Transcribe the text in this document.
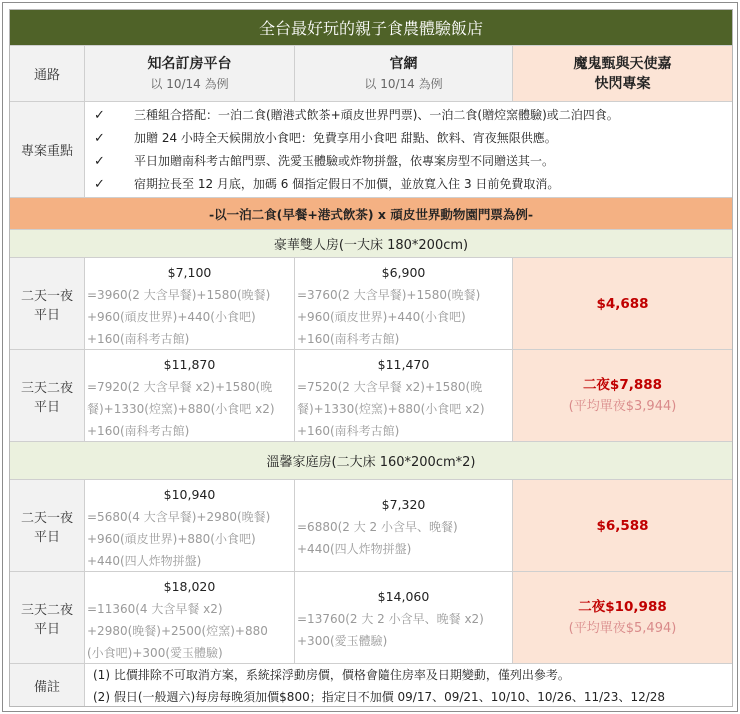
全台最好玩的親子食農體驗飯店
通路
知名訂房平台
以 10/14 為例
官網
以 10/14 為例
魔鬼甄與天使嘉
快閃專案
專案重點
✓ 三種組合搭配：一泊二食(贈港式飲茶+頑皮世界門票)、一泊二食(贈焢窯體驗)或二泊四食。
✓ 加贈 24 小時全天候開放小食吧：免費享用小食吧 甜點、飲料、宵夜無限供應。
✓ 平日加贈南科考古館門票、洗愛玉體驗或炸物拼盤，依專案房型不同贈送其一。
✓ 宿期拉長至 12 月底，加碼 6 個指定假日不加價，並放寬入住 3 日前免費取消。
-以一泊二食(早餐+港式飲茶) x 頑皮世界動物園門票為例-
豪華雙人房(一大床 180*200cm)
二天一夜
平日
$7,100
=3960(2 大含早餐)+1580(晚餐)
+960(頑皮世界)+440(小食吧)
+160(南科考古館)
$6,900
=3760(2 大含早餐)+1580(晚餐)
+960(頑皮世界)+440(小食吧)
+160(南科考古館)
$4,688
三天二夜
平日
$11,870
=7920(2 大含早餐 x2)+1580(晚
餐)+1330(焢窯)+880(小食吧 x2)
+160(南科考古館)
$11,470
=7520(2 大含早餐 x2)+1580(晚
餐)+1330(焢窯)+880(小食吧 x2)
+160(南科考古館)
二夜$7,888
(平均單夜$3,944)
溫馨家庭房(二大床 160*200cm*2)
二天一夜
平日
$10,940
=5680(4 大含早餐)+2980(晚餐)
+960(頑皮世界)+880(小食吧)
+440(四人炸物拼盤)
$7,320
=6880(2 大 2 小含早、晚餐)
+440(四人炸物拼盤)
$6,588
三天二夜
平日
$18,020
=11360(4 大含早餐 x2)
+2980(晚餐)+2500(焢窯)+880
(小食吧)+300(愛玉體驗)
$14,060
=13760(2 大 2 小含早、晚餐 x2)
+300(愛玉體驗)
二夜$10,988
(平均單夜$5,494)
備註
(1) 比價排除不可取消方案，系統採浮動房價，價格會隨住房率及日期變動，僅列出參考。
(2) 假日(一般週六)每房每晚須加價$800；指定日不加價 09/17、09/21、10/10、10/26、11/23、12/28
